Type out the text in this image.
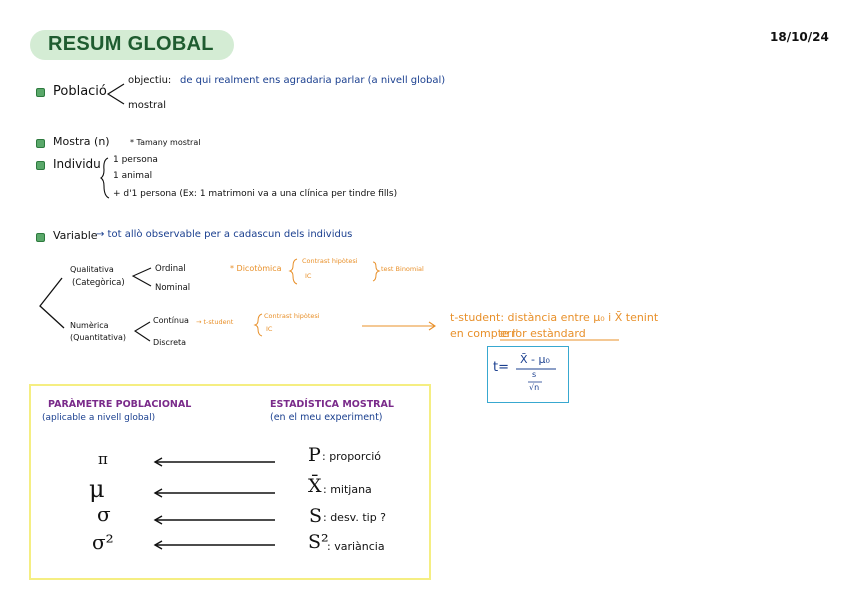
RESUM GLOBAL	18/10/24
Població
objectiu: de qui realment ens agradaria parlar (a nivell global)
mostral
Mostra (n)	* Tamany mostral
Individu 1 persona
1 animal
+ d'1 persona (Ex: 1 matrimoni va a una clínica per tindre fills)
Variable
→ tot allò observable per a cadascun dels individus
Qualitativa
(Categòrica)
Ordinal
Nominal
* Dicotòmica
Contrast hipòtesi
IC
test Binomial
Numèrica
(Quantitativa)
Contínua → t-student
Contrast hipòtesi
IC
Discreta
t-student: distància entre μ₀ i X̄ tenint
en compte l'
error estàndard
t=
X̄ - μ₀
s
√n
PARÀMETRE POBLACIONAL
(aplicable a nivell global)
ESTADÍSTICA MOSTRAL
(en el meu experiment)
π
μ
σ
σ²
P : proporció
X̄ : mitjana
S : desv. tip ?
S²
: variància
